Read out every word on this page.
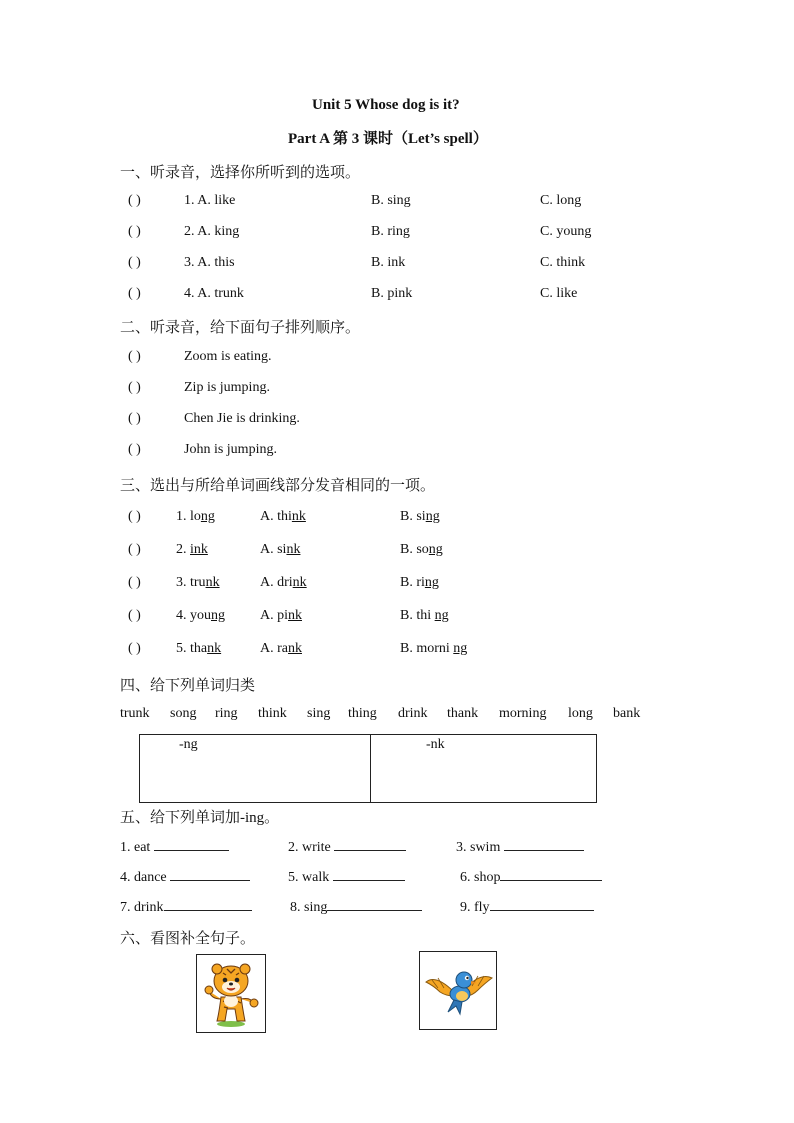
Unit 5 Whose dog is it?
Part A 第 3 课时（Let’s spell）
一、听录音，选择你所听到的选项。
( )	1. A. like	B. sing	C. long
( )	2. A. king	B. ring	C. young
( )	3. A. this	B. ink	C. think
( )	4. A. trunk	B. pink	C. like
二、听录音，给下面句子排列顺序。
( )	Zoom is eating.
( )	Zip is jumping.
( )	Chen Jie is drinking.
( )	John is jumping.
三、选出与所给单词画线部分发音相同的一项。
( )	1. long	A. think	B. sing
( )	2. ink	A. sink	B. song
( )	3. trunk	A. drink	B. ring
( )	4. young	A. pink	B. thi ng
( )	5. thank	A. rank	B. morni ng
四、给下列单词归类
trunk song ring think sing thing drink thank morning long bank
-ng	-nk
五、给下列单词加-ing。
1. eat	2. write	3. swim
4. dance	5. walk	6. shop
7. drink	8. sing	9. fly
六、看图补全句子。
